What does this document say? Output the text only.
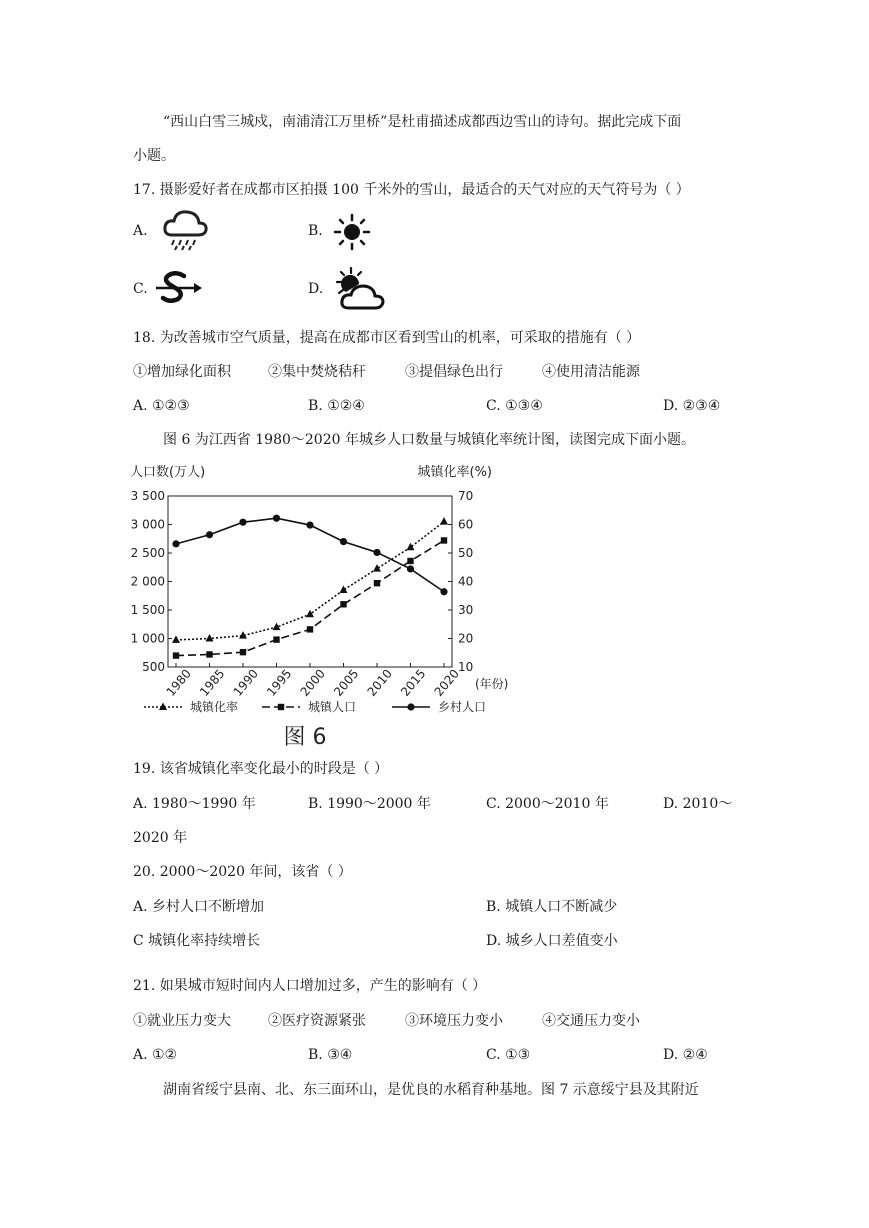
“西山白雪三城戍，南浦清江万里桥”是杜甫描述成都西边雪山的诗句。据此完成下面
小题。
17. 摄影爱好者在成都市区拍摄 100 千米外的雪山，最适合的天气对应的天气符号为（ ）
A.	B.
C.	D.
18. 为改善城市空气质量，提高在成都市区看到雪山的机率，可采取的措施有（ ）
①增加绿化面积	②集中焚烧秸秆	③提倡绿色出行	④使用清洁能源
A. ①②③	B. ①②④	C. ①③④	D. ②③④
图 6 为江西省 1980～2020 年城乡人口数量与城镇化率统计图，读图完成下面小题。
人口数(万人)	城镇化率(%)
3 500
3 000
2 500
2 000
1 500
1 000
500
70
60
50
40
30
20
10
1980 1985 1990 1995 2000 2005 2010 2015 2020 (年份)
城镇化率	城镇人口	乡村人口
图 6
19. 该省城镇化率变化最小的时段是（ ）
A. 1980～1990 年	B. 1990～2000 年	C. 2000～2010 年	D. 2010～
2020 年
20. 2000～2020 年间，该省（ ）
A. 乡村人口不断增加	B. 城镇人口不断减少
C 城镇化率持续增长	D. 城乡人口差值变小
21. 如果城市短时间内人口增加过多，产生的影响有（ ）
①就业压力变大	②医疗资源紧张	③环境压力变小	④交通压力变小
A. ①②	B. ③④	C. ①③	D. ②④
湖南省绥宁县南、北、东三面环山，是优良的水稻育种基地。图 7 示意绥宁县及其附近
